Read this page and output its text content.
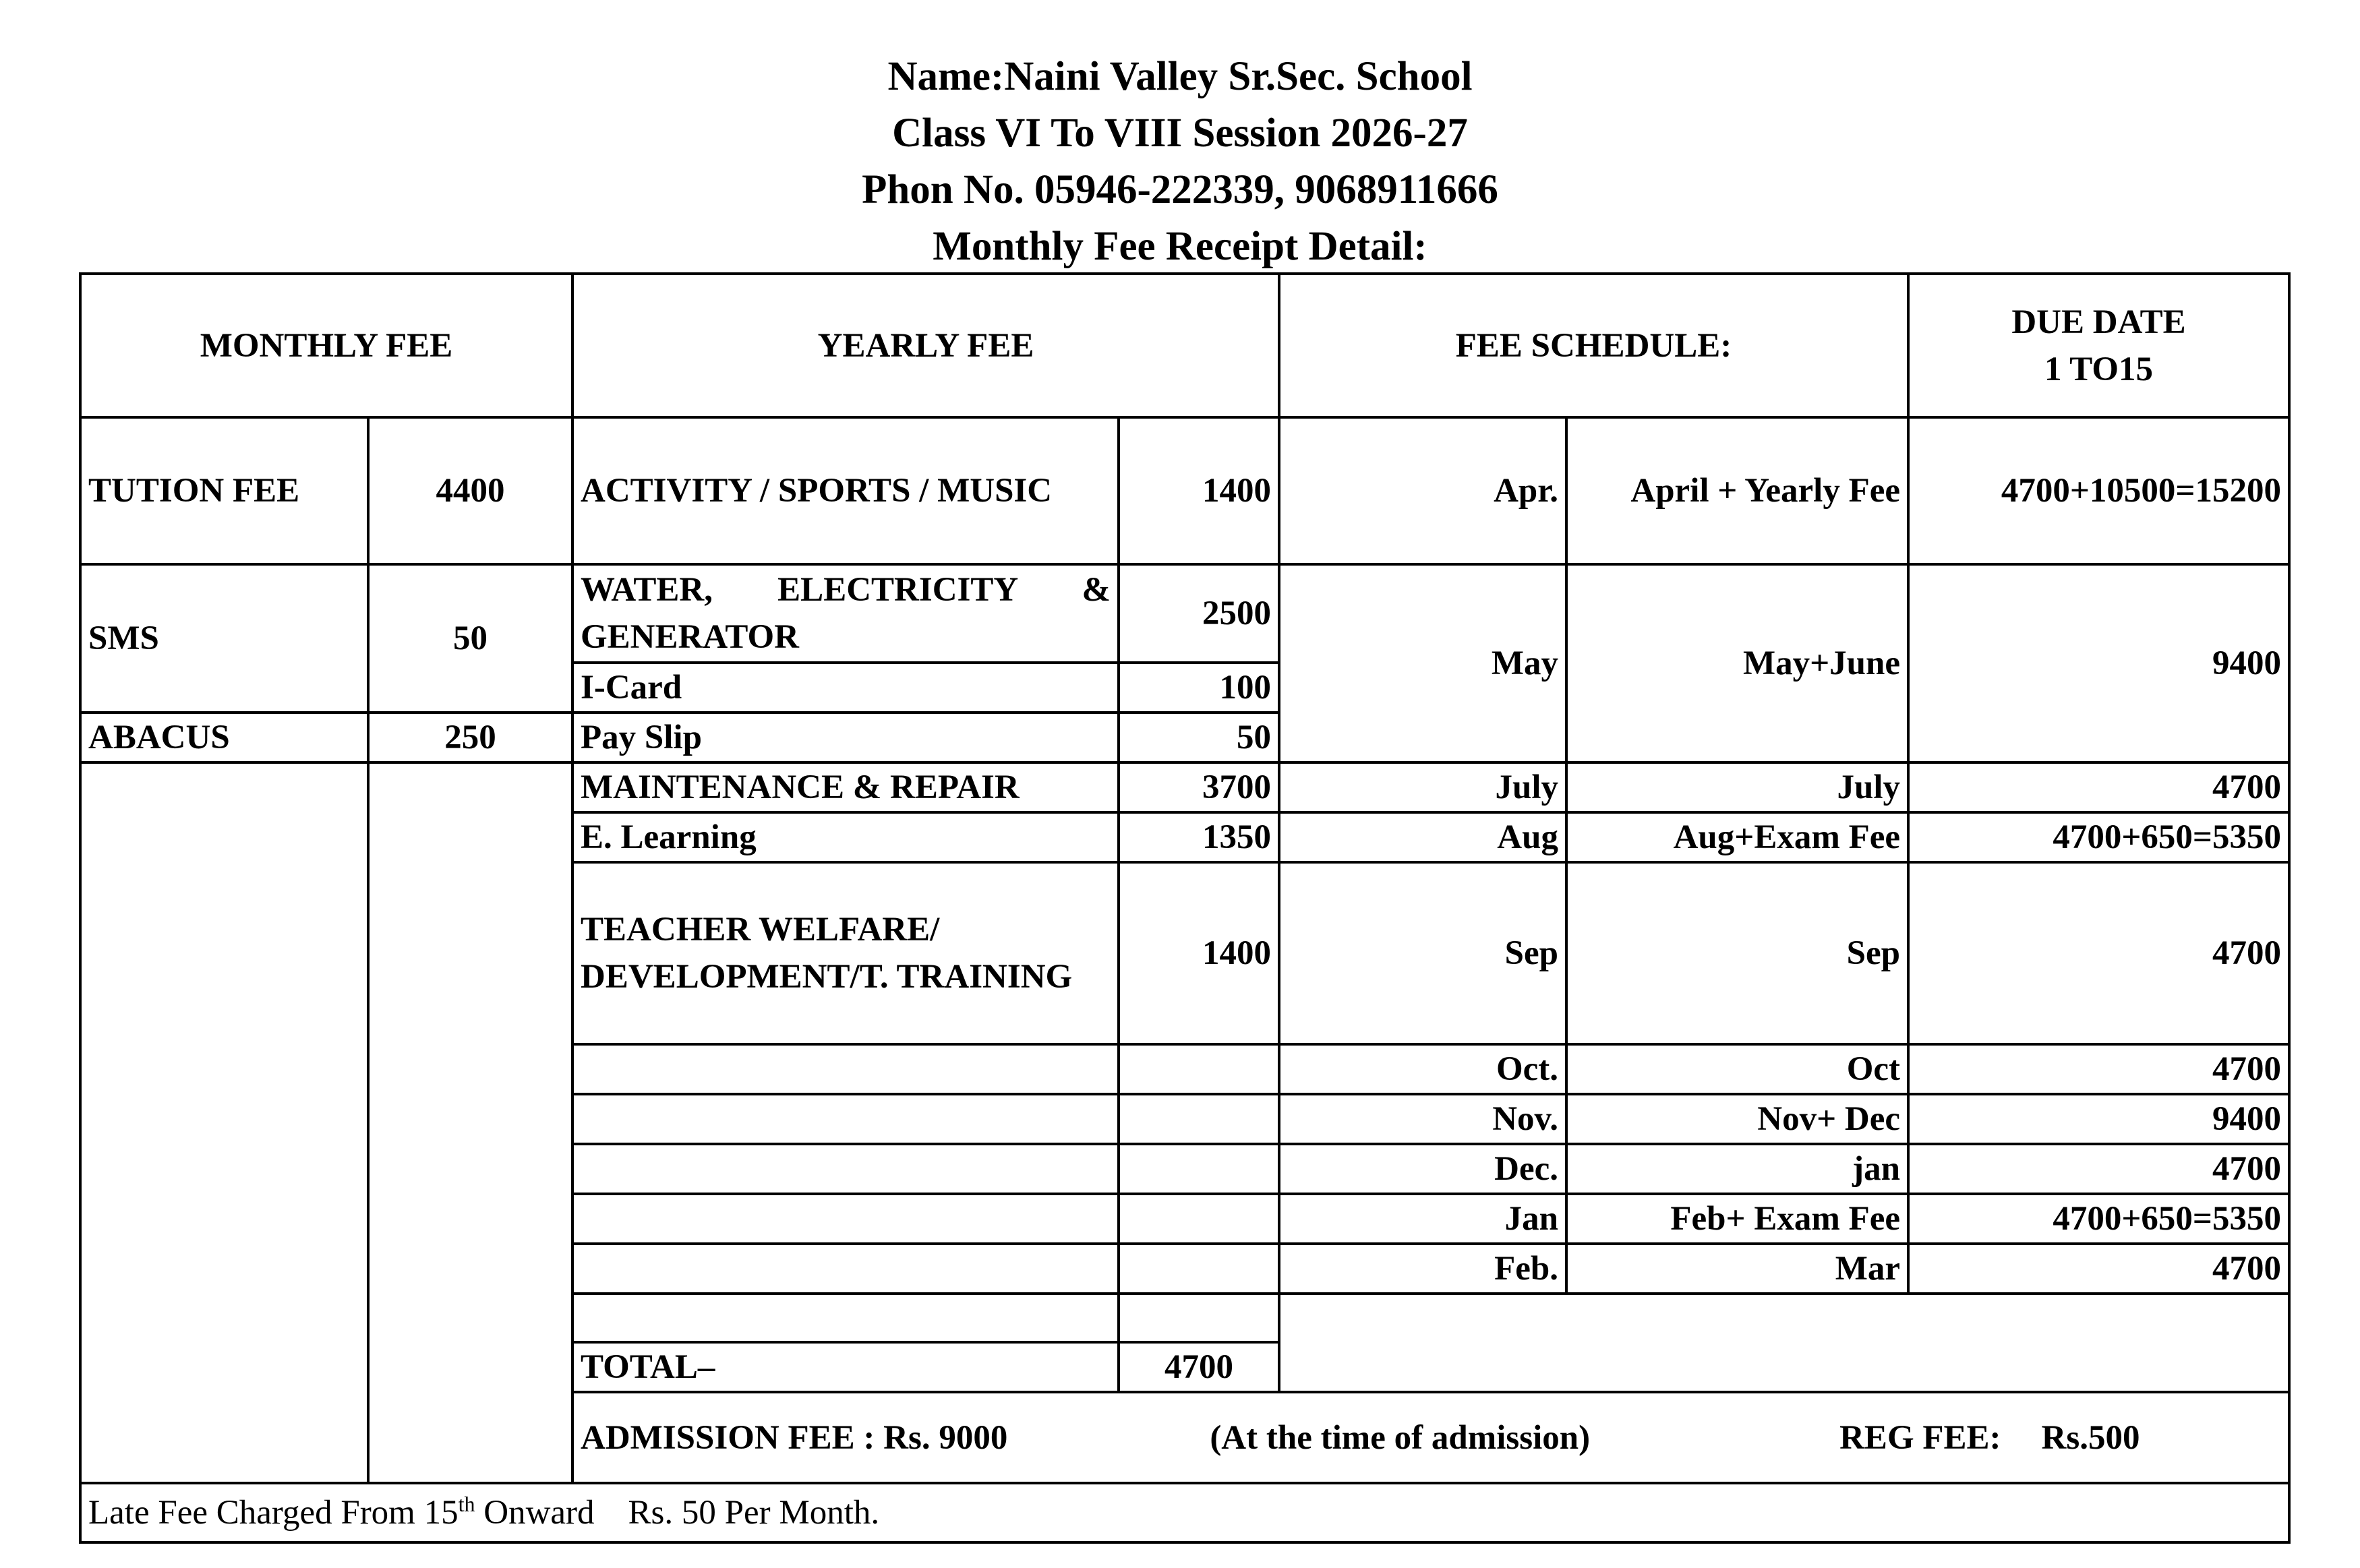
Name:Naini Valley Sr.Sec. School
Class VI To VIII Session 2026-27
Phon No. 05946-222339, 9068911666
Monthly Fee Receipt Detail:
MONTHLY FEE		YEARLY FEE		FEE SCHEDULE:		DUE DATE
1 TO15	
TUTION FEE	4400	ACTIVITY / SPORTS / MUSIC	1400	Apr.	April + Yearly Fee	4700+10500=15200	
SMS	50	WATER, ELECTRICITY & GENERATOR	2500	May	May+June	9400	
		I-Card	100				
ABACUS	250	Pay Slip	50				
		MAINTENANCE & REPAIR	3700	July	July	4700	
		E. Learning	1350	Aug	Aug+Exam Fee	4700+650=5350	
		TEACHER WELFARE/ DEVELOPMENT/T. TRAINING	1400	Sep	Sep	4700	
				Oct.	Oct	4700	
				Nov.	Nov+ Dec	9400	
				Dec.	jan	4700	
				Jan	Feb+ Exam Fee	4700+650=5350	
				Feb.	Mar	4700	

		TOTAL–	4700		
		ADMISSION FEE : Rs. 9000 (At the time of admission) REG FEE: Rs.500					
Late Fee Charged From 15th Onward Rs. 50 Per Month.							
